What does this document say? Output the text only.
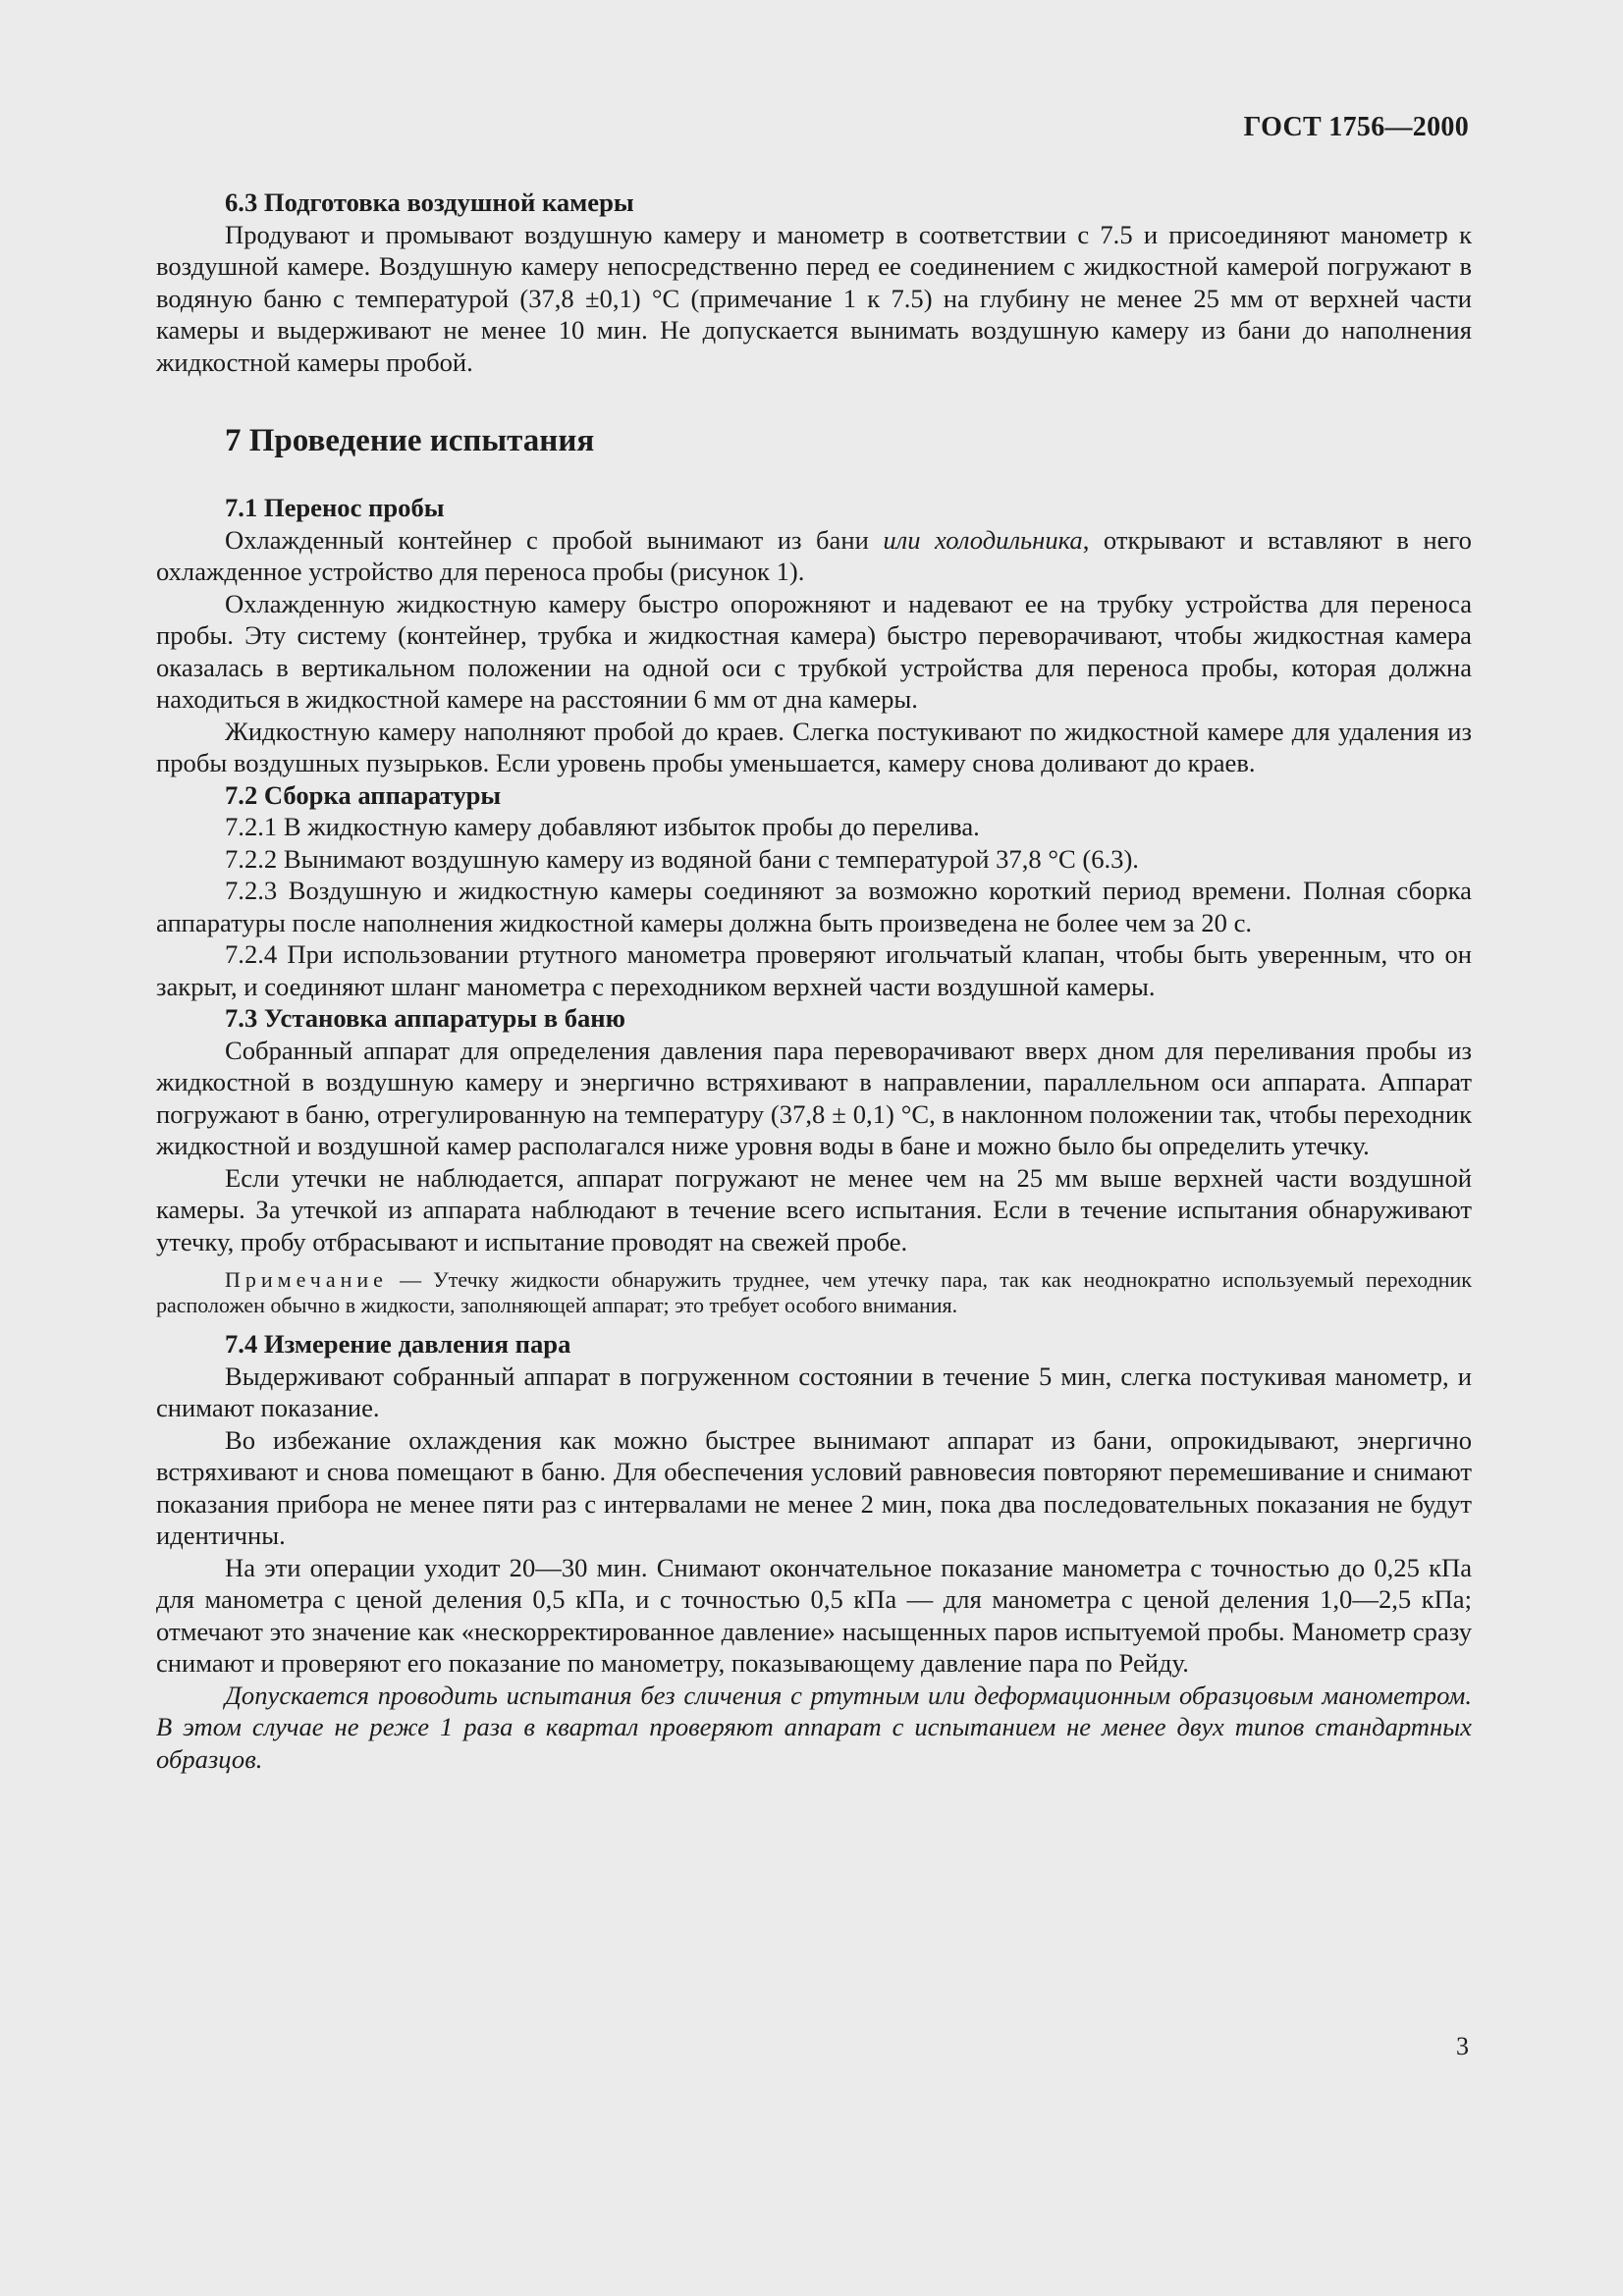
ГОСТ 1756—2000

6.3 Подготовка воздушной камеры

Продувают и промывают воздушную камеру и манометр в соответствии с 7.5 и присоединяют манометр к воздушной камере. Воздушную камеру непосредственно перед ее соединением с жидкостной камерой погружают в водяную баню с температурой (37,8 ±0,1) °С (примечание 1 к 7.5) на глубину не менее 25 мм от верхней части камеры и выдерживают не менее 10 мин. Не допускается вынимать воздушную камеру из бани до наполнения жидкостной камеры пробой.

7 Проведение испытания

7.1 Перенос пробы

Охлажденный контейнер с пробой вынимают из бани или холодильника, открывают и вставляют в него охлажденное устройство для переноса пробы (рисунок 1).

Охлажденную жидкостную камеру быстро опорожняют и надевают ее на трубку устройства для переноса пробы. Эту систему (контейнер, трубка и жидкостная камера) быстро переворачивают, чтобы жидкостная камера оказалась в вертикальном положении на одной оси с трубкой устройства для переноса пробы, которая должна находиться в жидкостной камере на расстоянии 6 мм от дна камеры.

Жидкостную камеру наполняют пробой до краев. Слегка постукивают по жидкостной камере для удаления из пробы воздушных пузырьков. Если уровень пробы уменьшается, камеру снова доливают до краев.

7.2 Сборка аппаратуры

7.2.1 В жидкостную камеру добавляют избыток пробы до перелива.

7.2.2 Вынимают воздушную камеру из водяной бани с температурой 37,8 °С (6.3).

7.2.3 Воздушную и жидкостную камеры соединяют за возможно короткий период времени. Полная сборка аппаратуры после наполнения жидкостной камеры должна быть произведена не более чем за 20 с.

7.2.4 При использовании ртутного манометра проверяют игольчатый клапан, чтобы быть уверенным, что он закрыт, и соединяют шланг манометра с переходником верхней части воздушной камеры.

7.3 Установка аппаратуры в баню

Собранный аппарат для определения давления пара переворачивают вверх дном для переливания пробы из жидкостной в воздушную камеру и энергично встряхивают в направлении, параллельном оси аппарата. Аппарат погружают в баню, отрегулированную на температуру (37,8 ± 0,1) °С, в наклонном положении так, чтобы переходник жидкостной и воздушной камер располагался ниже уровня воды в бане и можно было бы определить утечку.

Если утечки не наблюдается, аппарат погружают не менее чем на 25 мм выше верхней части воздушной камеры. За утечкой из аппарата наблюдают в течение всего испытания. Если в течение испытания обнаруживают утечку, пробу отбрасывают и испытание проводят на свежей пробе.

Примечание — Утечку жидкости обнаружить труднее, чем утечку пара, так как неоднократно используемый переходник расположен обычно в жидкости, заполняющей аппарат; это требует особого внимания.

7.4 Измерение давления пара

Выдерживают собранный аппарат в погруженном состоянии в течение 5 мин, слегка постукивая манометр, и снимают показание.

Во избежание охлаждения как можно быстрее вынимают аппарат из бани, опрокидывают, энергично встряхивают и снова помещают в баню. Для обеспечения условий равновесия повторяют перемешивание и снимают показания прибора не менее пяти раз с интервалами не менее 2 мин, пока два последовательных показания не будут идентичны.

На эти операции уходит 20—30 мин. Снимают окончательное показание манометра с точностью до 0,25 кПа для манометра с ценой деления 0,5 кПа, и с точностью 0,5 кПа — для манометра с ценой деления 1,0—2,5 кПа; отмечают это значение как «нескорректированное давление» насыщенных паров испытуемой пробы. Манометр сразу снимают и проверяют его показание по манометру, показывающему давление пара по Рейду.

Допускается проводить испытания без сличения с ртутным или деформационным образцовым манометром. В этом случае не реже 1 раза в квартал проверяют аппарат с испытанием не менее двух типов стандартных образцов.

3
